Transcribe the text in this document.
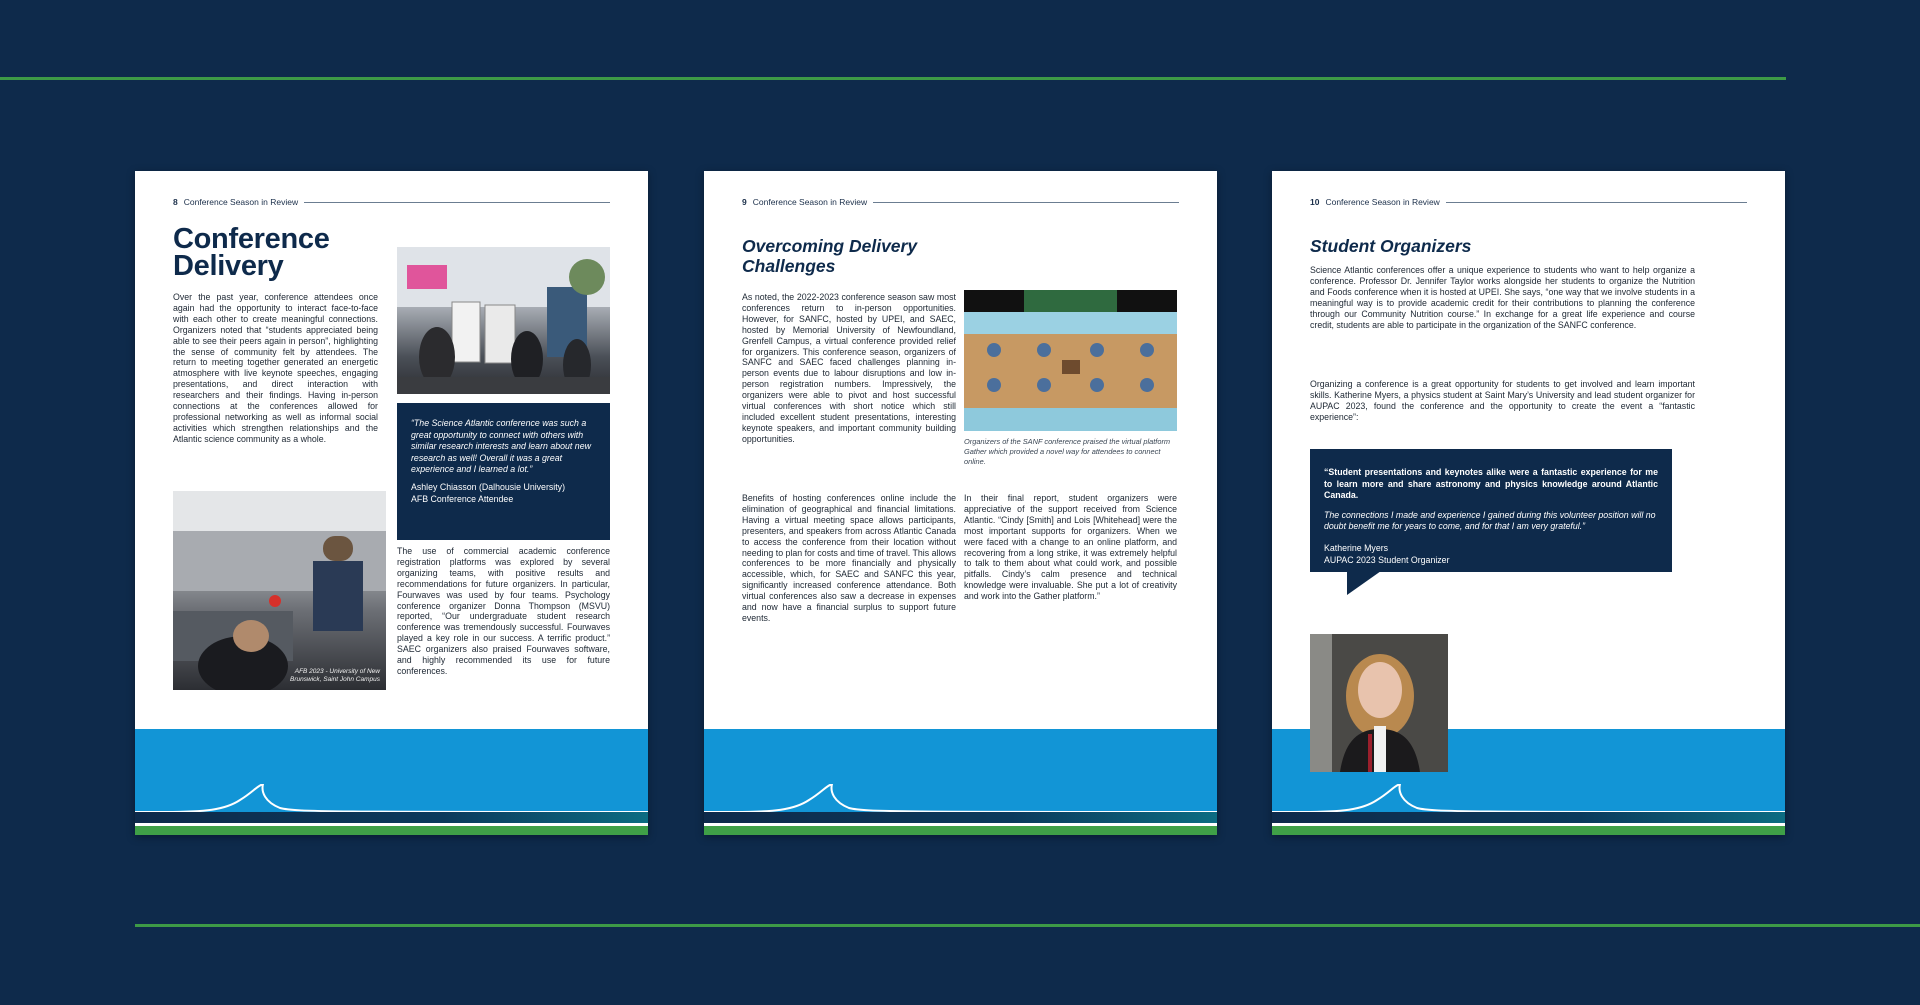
8 Conference Season in Review
Conference
Delivery

Over the past year, conference attendees once again had the opportunity to interact face-to-face with each other to create meaningful connections. Organizers noted that “students appreciated being able to see their peers again in person”, highlighting the sense of community felt by attendees. The return to meeting together generated an energetic atmosphere with live keynote speeches, engaging presentations, and direct interaction with researchers and their findings. Having in-person connections at the conferences allowed for professional networking as well as informal social activities which strengthen relationships and the Atlantic science community as a whole.

“The Science Atlantic conference was such a great opportunity to connect with others with similar research interests and learn about new research as well! Overall it was a great experience and I learned a lot.”

Ashley Chiasson (Dalhousie University)

AFB Conference Attendee

AFB 2023 - University of New Brunswick, Saint John Campus

The use of commercial academic conference registration platforms was explored by several organizing teams, with positive results and recommendations for future organizers. In particular, Fourwaves was used by four teams. Psychology conference organizer Donna Thompson (MSVU) reported, “Our undergraduate student research conference was tremendously successful. Fourwaves played a key role in our success. A terrific product.” SAEC organizers also praised Fourwaves software, and highly recommended its use for future conferences.

9 Conference Season in Review
Overcoming Delivery
Challenges

As noted, the 2022-2023 conference season saw most conferences return to in-person opportunities. However, for SANFC, hosted by UPEI, and SAEC, hosted by Memorial University of Newfoundland, Grenfell Campus, a virtual conference provided relief for organizers. This conference season, organizers of SANFC and SAEC faced challenges planning in-person events due to labour disruptions and low in-person registration numbers. Impressively, the organizers were able to pivot and host successful virtual conferences with short notice which still included excellent student presentations, interesting keynote speakers, and important community building opportunities.	Organizers of the SANF conference praised the virtual platform Gather which provided a novel way for attendees to connect online.

Benefits of hosting conferences online include the elimination of geographical and financial limitations. Having a virtual meeting space allows participants, presenters, and speakers from across Atlantic Canada to access the conference from their location without needing to plan for costs and time of travel. This allows conferences to be more financially and physically accessible, which, for SAEC and SANFC this year, significantly increased conference attendance. Both virtual conferences also saw a decrease in expenses and now have a financial surplus to support future events.

In their final report, student organizers were appreciative of the support received from Science Atlantic. “Cindy [Smith] and Lois [Whitehead] were the most important supports for organizers. When we were faced with a change to an online platform, and recovering from a long strike, it was extremely helpful to talk to them about what could work, and possible pitfalls. Cindy’s calm presence and technical knowledge were invaluable. She put a lot of creativity and work into the Gather platform.”

10 Conference Season in Review
Student Organizers

Science Atlantic conferences offer a unique experience to students who want to help organize a conference. Professor Dr. Jennifer Taylor works alongside her students to organize the Nutrition and Foods conference when it is hosted at UPEI. She says, “one way that we involve students in a meaningful way is to provide academic credit for their contributions to planning the conference through our Community Nutrition course.” In exchange for a great life experience and course credit, students are able to participate in the organization of the SANFC conference.

Organizing a conference is a great opportunity for students to get involved and learn important skills. Katherine Myers, a physics student at Saint Mary’s University and lead student organizer for AUPAC 2023, found the conference and the opportunity to create the event a “fantastic experience”:

“Student presentations and keynotes alike were a fantastic experience for me to learn more and share astronomy and physics knowledge around Atlantic Canada.

The connections I made and experience I gained during this volunteer position will no doubt benefit me for years to come, and for that I am very grateful.”

Katherine Myers

AUPAC 2023 Student Organizer
